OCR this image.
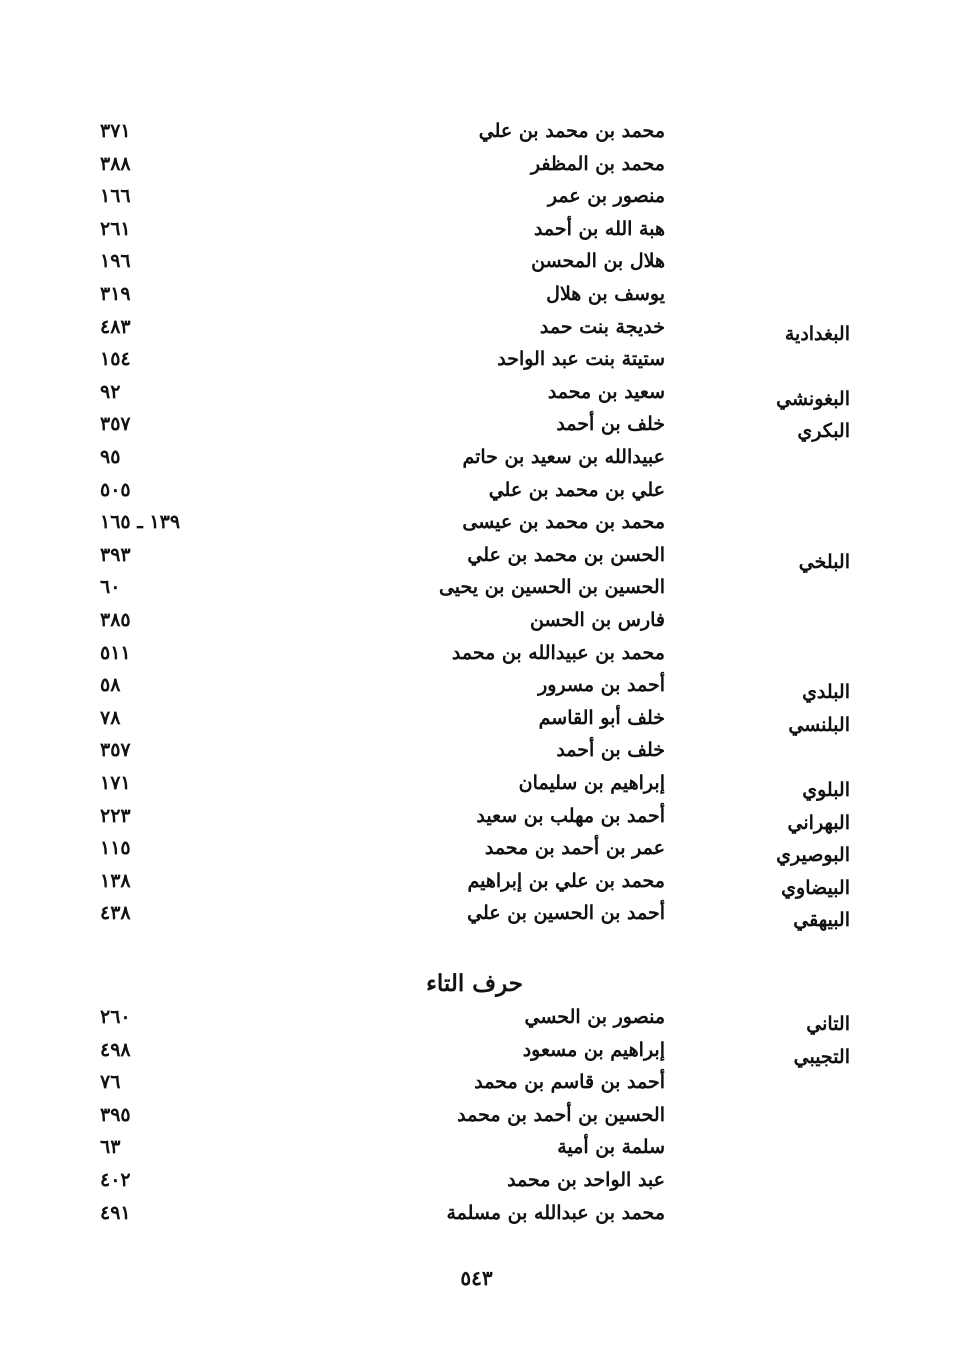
محمد بن محمد بن علي
٣٧١
محمد بن المظفر
٣٨٨
منصور بن عمر
١٦٦
هبة الله بن أحمد
٢٦١
هلال بن المحسن
١٩٦
يوسف بن هلال
٣١٩
البغدادية
خديجة بنت حمد
٤٨٣
ستيتة بنت عبد الواحد
١٥٤
البغونشي
سعيد بن محمد
٩٢
البكري
خلف بن أحمد
٣٥٧
عبيدالله بن سعيد بن حاتم
٩٥
علي بن محمد بن علي
٥٠٥
محمد بن محمد بن عيسى
١٣٩ ـ ١٦٥
البلخي
الحسن بن محمد بن علي
٣٩٣
الحسين بن الحسين بن يحيى
٦٠
فارس بن الحسن
٣٨٥
محمد بن عبيدالله بن محمد
٥١١
البلدي
أحمد بن مسرور
٥٨
البلنسي
خلف أبو القاسم
٧٨
خلف بن أحمد
٣٥٧
البلوي
إبراهيم بن سليمان
١٧١
البهراني
أحمد بن مهلب بن سعيد
٢٢٣
البوصيري
عمر بن أحمد بن محمد
١١٥
البيضاوي
محمد بن علي بن إبراهيم
١٣٨
البيهقي
أحمد بن الحسين بن علي
٤٣٨
حرف التاء
التاني
منصور بن الحسي
٢٦٠
التجيبي
إبراهيم بن مسعود
٤٩٨
أحمد بن قاسم بن محمد
٧٦
الحسين بن أحمد بن محمد
٣٩٥
سلمة بن أمية
٦٣
عبد الواحد بن محمد
٤٠٢
محمد بن عبدالله بن مسلمة
٤٩١
٥٤٣
